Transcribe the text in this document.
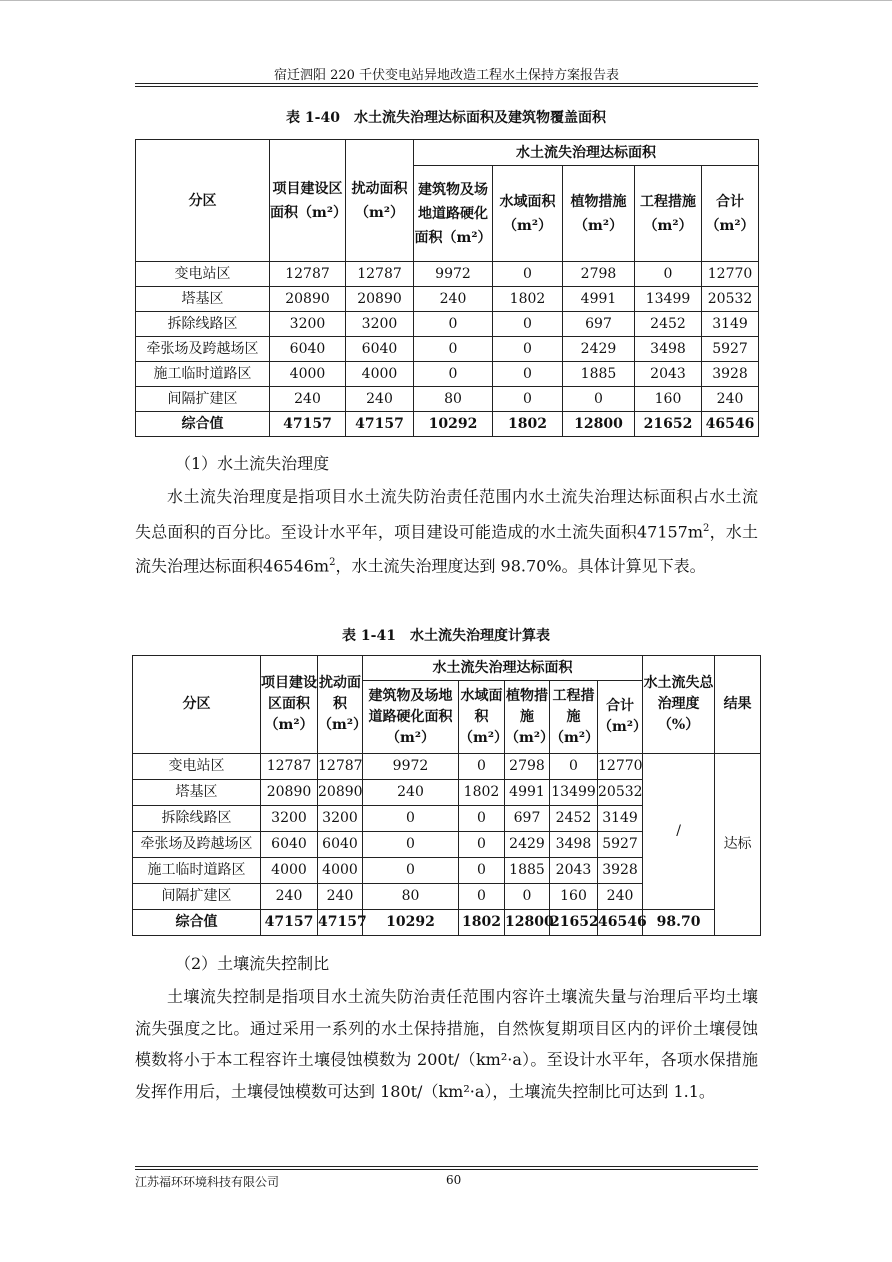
宿迁泗阳 220 千伏变电站异地改造工程水土保持方案报告表
表 1-40　水土流失治理达标面积及建筑物覆盖面积
分区	项目建设区面积（m²）	扰动面积（m²）	水土流失治理达标面积				
			建筑物及场地道路硬化面积（m²）	水域面积（m²）	植物措施（m²）	工程措施（m²）	合计（m²）
变电站区	12787	12787	9972	0	2798	0	12770
塔基区	20890	20890	240	1802	4991	13499	20532
拆除线路区	3200	3200	0	0	697	2452	3149
牵张场及跨越场区	6040	6040	0	0	2429	3498	5927
施工临时道路区	4000	4000	0	0	1885	2043	3928
间隔扩建区	240	240	80	0	0	160	240
综合值	47157	47157	10292	1802	12800	21652	46546
（1）水土流失治理度

水土流失治理度是指项目水土流失防治责任范围内水土流失治理达标面积占水土流失总面积的百分比。至设计水平年，项目建设可能造成的水土流失面积$47157m^2$，水土流失治理达标面积$46546m^2$，水土流失治理度达到 98.70%。具体计算见下表。

表 1-41　水土流失治理度计算表
分区	项目建设区面积（m²）	扰动面积（m²）	水土流失治理达标面积					水土流失总治理度（%）	结果
			建筑物及场地道路硬化面积（m²）	水域面积（m²）	植物措施（m²）	工程措施（m²）	合计（m²）		
变电站区	12787	12787	9972	0	2798	0	12770	/	达标
塔基区	20890	20890	240	1802	4991	13499	20532		
拆除线路区	3200	3200	0	0	697	2452	3149		
牵张场及跨越场区	6040	6040	0	0	2429	3498	5927		
施工临时道路区	4000	4000	0	0	1885	2043	3928		
间隔扩建区	240	240	80	0	0	160	240		
综合值	47157	47157	10292	1802	12800	21652	46546	98.70	
（2）土壤流失控制比

土壤流失控制是指项目水土流失防治责任范围内容许土壤流失量与治理后平均土壤流失强度之比。通过采用一系列的水土保持措施，自然恢复期项目区内的评价土壤侵蚀模数将小于本工程容许土壤侵蚀模数为 200t/（km²·a）。至设计水平年，各项水保措施发挥作用后，土壤侵蚀模数可达到 180t/（km²·a），土壤流失控制比可达到 1.1。

江苏福环环境科技有限公司	60
